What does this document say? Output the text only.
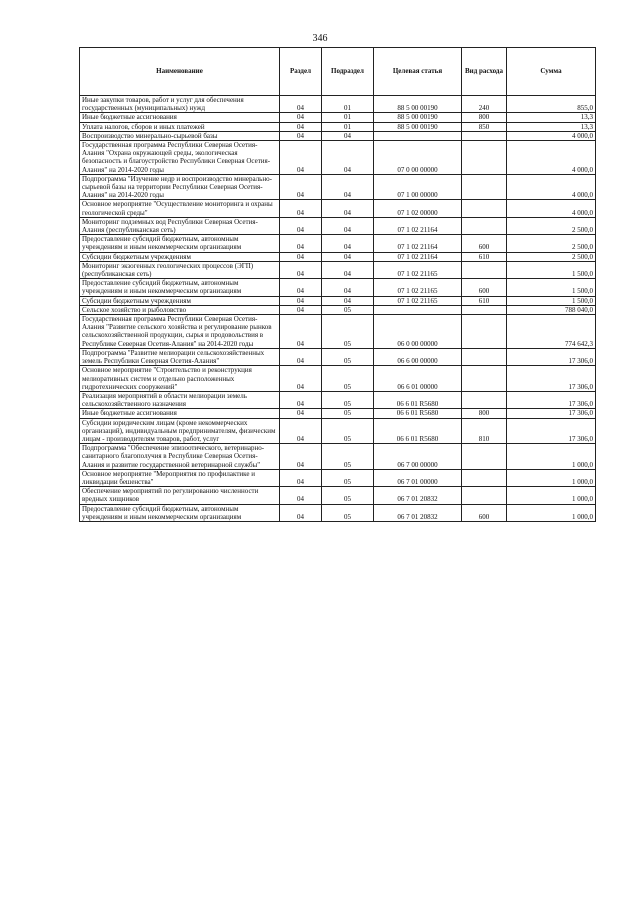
346
Наименование	Раздел	Подраздел	Целевая статья	Вид расхода	Сумма
Иные закупки товаров, работ и услуг для обеспечения государственных (муниципальных) нужд	04	01	88 5 00 00190	240	855,0
Иные бюджетные ассигнования	04	01	88 5 00 00190	800	13,3
Уплата налогов, сборов и иных платежей	04	01	88 5 00 00190	850	13,3
Воспроизводство минерально-сырьевой базы	04	04			4 000,0
Государственная программа Республики Северная Осетия-Алания "Охрана окружающей среды, экологическая безопасность и благоустройство Республики Северная Осетия-Алания" на 2014-2020 годы	04	04	07 0 00 00000		4 000,0
Подпрограмма "Изучение недр и воспроизводство минерально-сырьевой базы на территории Республики Северная Осетия-Алания" на 2014-2020 годы	04	04	07 1 00 00000		4 000,0
Основное мероприятие "Осуществление мониторинга и охраны геологической среды"	04	04	07 1 02 00000		4 000,0
Мониторинг подземных вод Республики Северная Осетия-Алания (республиканская сеть)	04	04	07 1 02 21164		2 500,0
Предоставление субсидий бюджетным, автономным учреждениям и иным некоммерческим организациям	04	04	07 1 02 21164	600	2 500,0
Субсидии бюджетным учреждениям	04	04	07 1 02 21164	610	2 500,0
Мониторинг экзогенных геологических процессов (ЭГП) (республиканская сеть)	04	04	07 1 02 21165		1 500,0
Предоставление субсидий бюджетным, автономным учреждениям и иным некоммерческим организациям	04	04	07 1 02 21165	600	1 500,0
Субсидии бюджетным учреждениям	04	04	07 1 02 21165	610	1 500,0
Сельское хозяйство и рыболовство	04	05			788 040,0
Государственная программа Республики Северная Осетия-Алания "Развитие сельского хозяйства и регулирование рынков сельскохозяйственной продукции, сырья и продовольствия в Республике Северная Осетия-Алания" на 2014-2020 годы	04	05	06 0 00 00000		774 642,3
Подпрограмма "Развитие мелиорации сельскохозяйственных земель Республики Северная Осетия-Алания"	04	05	06 6 00 00000		17 306,0
Основное мероприятие "Строительство и реконструкция мелиоративных систем и отдельно расположенных гидротехнических сооружений"	04	05	06 6 01 00000		17 306,0
Реализация мероприятий в области мелиорации земель сельскохозяйственного назначения	04	05	06 6 01 R5680		17 306,0
Иные бюджетные ассигнования	04	05	06 6 01 R5680	800	17 306,0
Субсидии юридическим лицам (кроме некоммерческих организаций), индивидуальным предпринимателям, физическим лицам - производителям товаров, работ, услуг	04	05	06 6 01 R5680	810	17 306,0
Подпрограмма "Обеспечение эпизоотического, ветеринарно-санитарного благополучия в Республике Северная Осетия-Алания и развитие государственной ветеринарной службы"	04	05	06 7 00 00000		1 000,0
Основное мероприятие "Мероприятия по профилактике и ликвидации бешенства"	04	05	06 7 01 00000		1 000,0
Обеспечение мероприятий по регулированию численности вредных хищников	04	05	06 7 01 20832		1 000,0
Предоставление субсидий бюджетным, автономным учреждениям и иным некоммерческим организациям	04	05	06 7 01 20832	600	1 000,0
